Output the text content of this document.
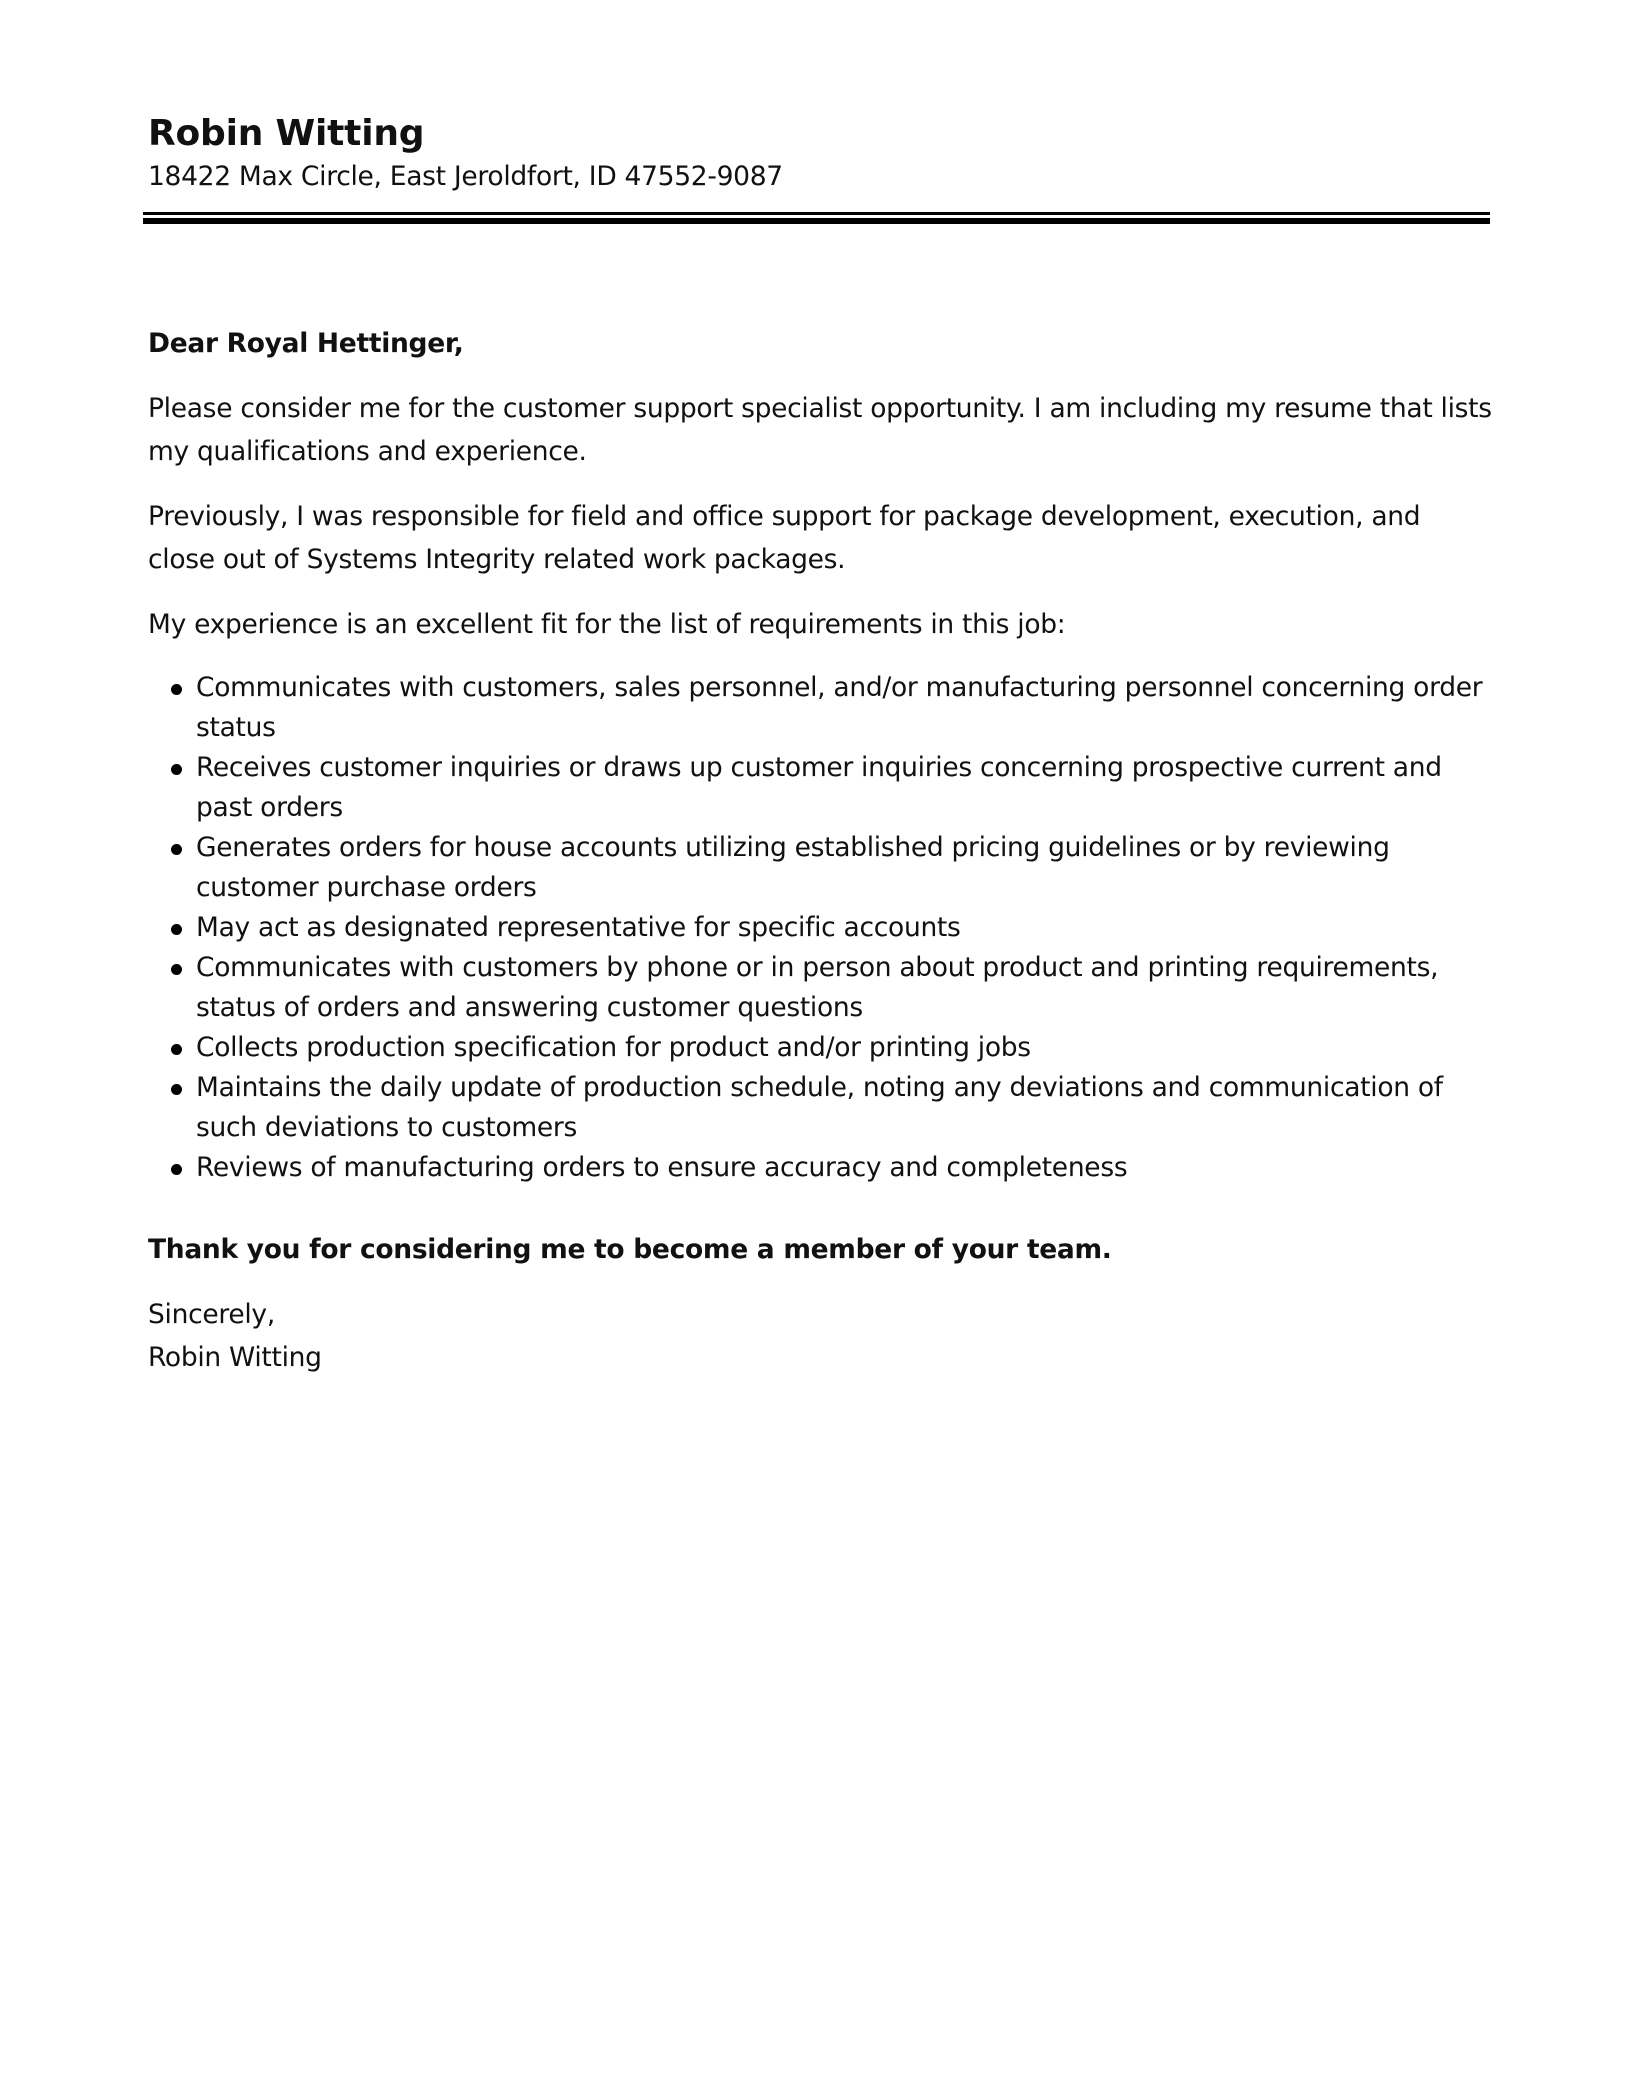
Robin Witting
18422 Max Circle, East Jeroldfort, ID 47552-9087

Dear Royal Hettinger,

Please consider me for the customer support specialist opportunity. I am including my resume that lists my qualifications and experience.

Previously, I was responsible for field and office support for package development, execution, and close out of Systems Integrity related work packages.

My experience is an excellent fit for the list of requirements in this job:

Communicates with customers, sales personnel, and/or manufacturing personnel concerning order status
Receives customer inquiries or draws up customer inquiries concerning prospective current and past orders
Generates orders for house accounts utilizing established pricing guidelines or by reviewing customer purchase orders
May act as designated representative for specific accounts
Communicates with customers by phone or in person about product and printing requirements, status of orders and answering customer questions
Collects production specification for product and/or printing jobs
Maintains the daily update of production schedule, noting any deviations and communication of such deviations to customers
Reviews of manufacturing orders to ensure accuracy and completeness

Thank you for considering me to become a member of your team.

Sincerely,

Robin Witting
